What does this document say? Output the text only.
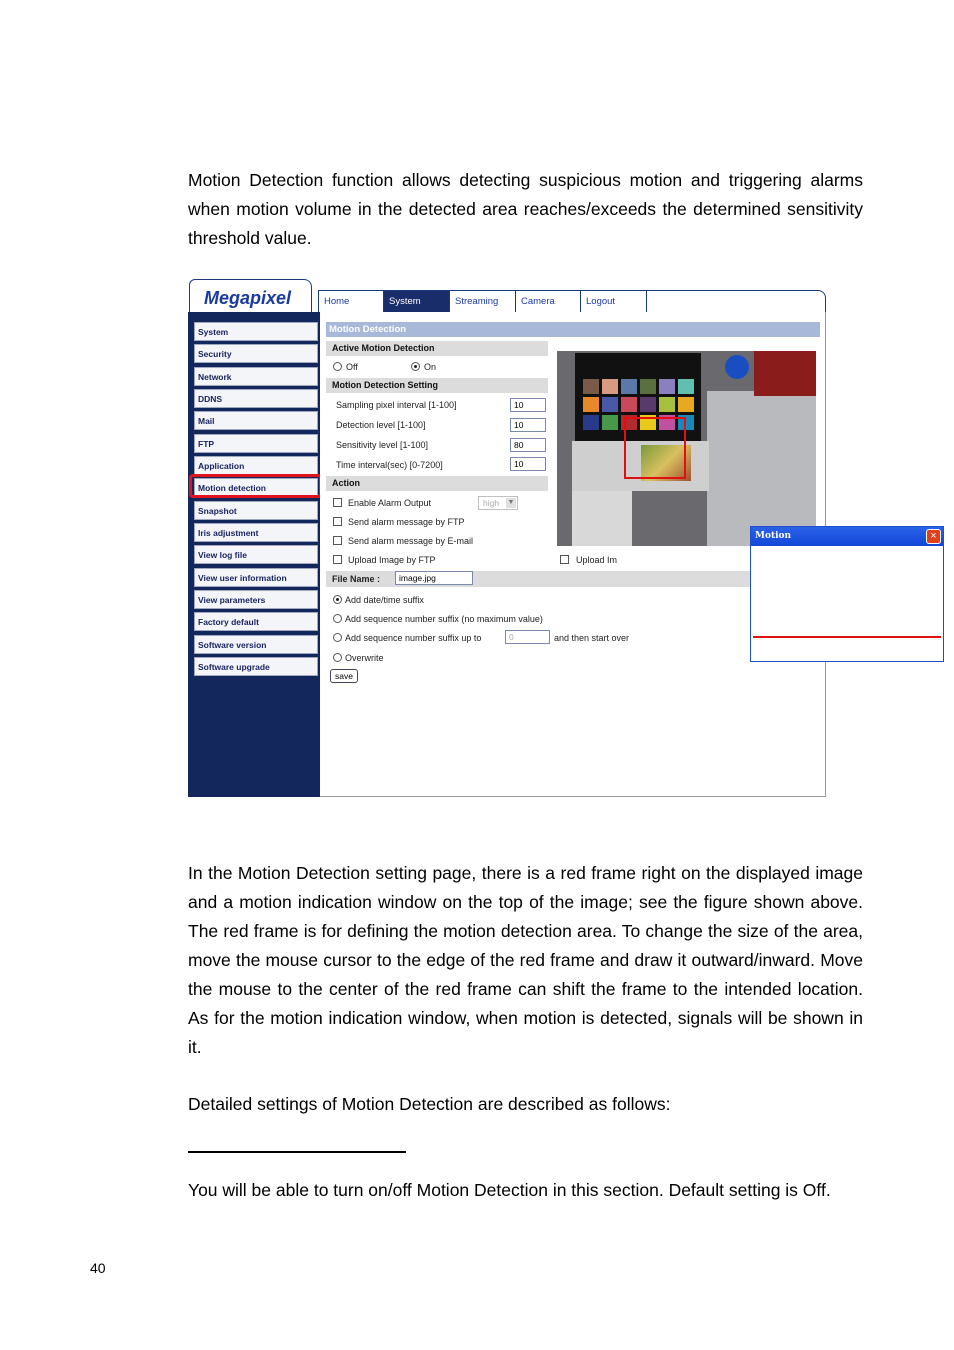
Motion Detection function allows detecting suspicious motion and triggering alarms when motion volume in the detected area reaches/exceeds the determined sensitivity threshold value.

Megapixel	Home	System	Streaming	Camera	Logout
System
Security
Network
DDNS
Mail
FTP
Application
Motion detection
Snapshot
Iris adjustment
View log file
View user information
View parameters
Factory default
Software version
Software upgrade
Motion Detection
Active Motion Detection
Off	On
Motion Detection Setting
Sampling pixel interval [1-100]	10
Detection level [1-100]	10
Sensitivity level [1-100]	80
Time interval(sec) [0-7200]	10
Action
Enable Alarm Output	high ▼
Send alarm message by FTP
Send alarm message by E-mail
Upload Image by FTP	Upload Im
File Name :	image.jpg
Add date/time suffix
Add sequence number suffix (no maximum value)
Add sequence number suffix up to	0	and then start over
Overwrite
save
Motion	×

In the Motion Detection setting page, there is a red frame right on the displayed image and a motion indication window on the top of the image; see the figure shown above. The red frame is for defining the motion detection area. To change the size of the area, move the mouse cursor to the edge of the red frame and draw it outward/inward. Move the mouse to the center of the red frame can shift the frame to the intended location. As for the motion indication window, when motion is detected, signals will be shown in it.

Detailed settings of Motion Detection are described as follows:

You will be able to turn on/off Motion Detection in this section. Default setting is Off.

40
